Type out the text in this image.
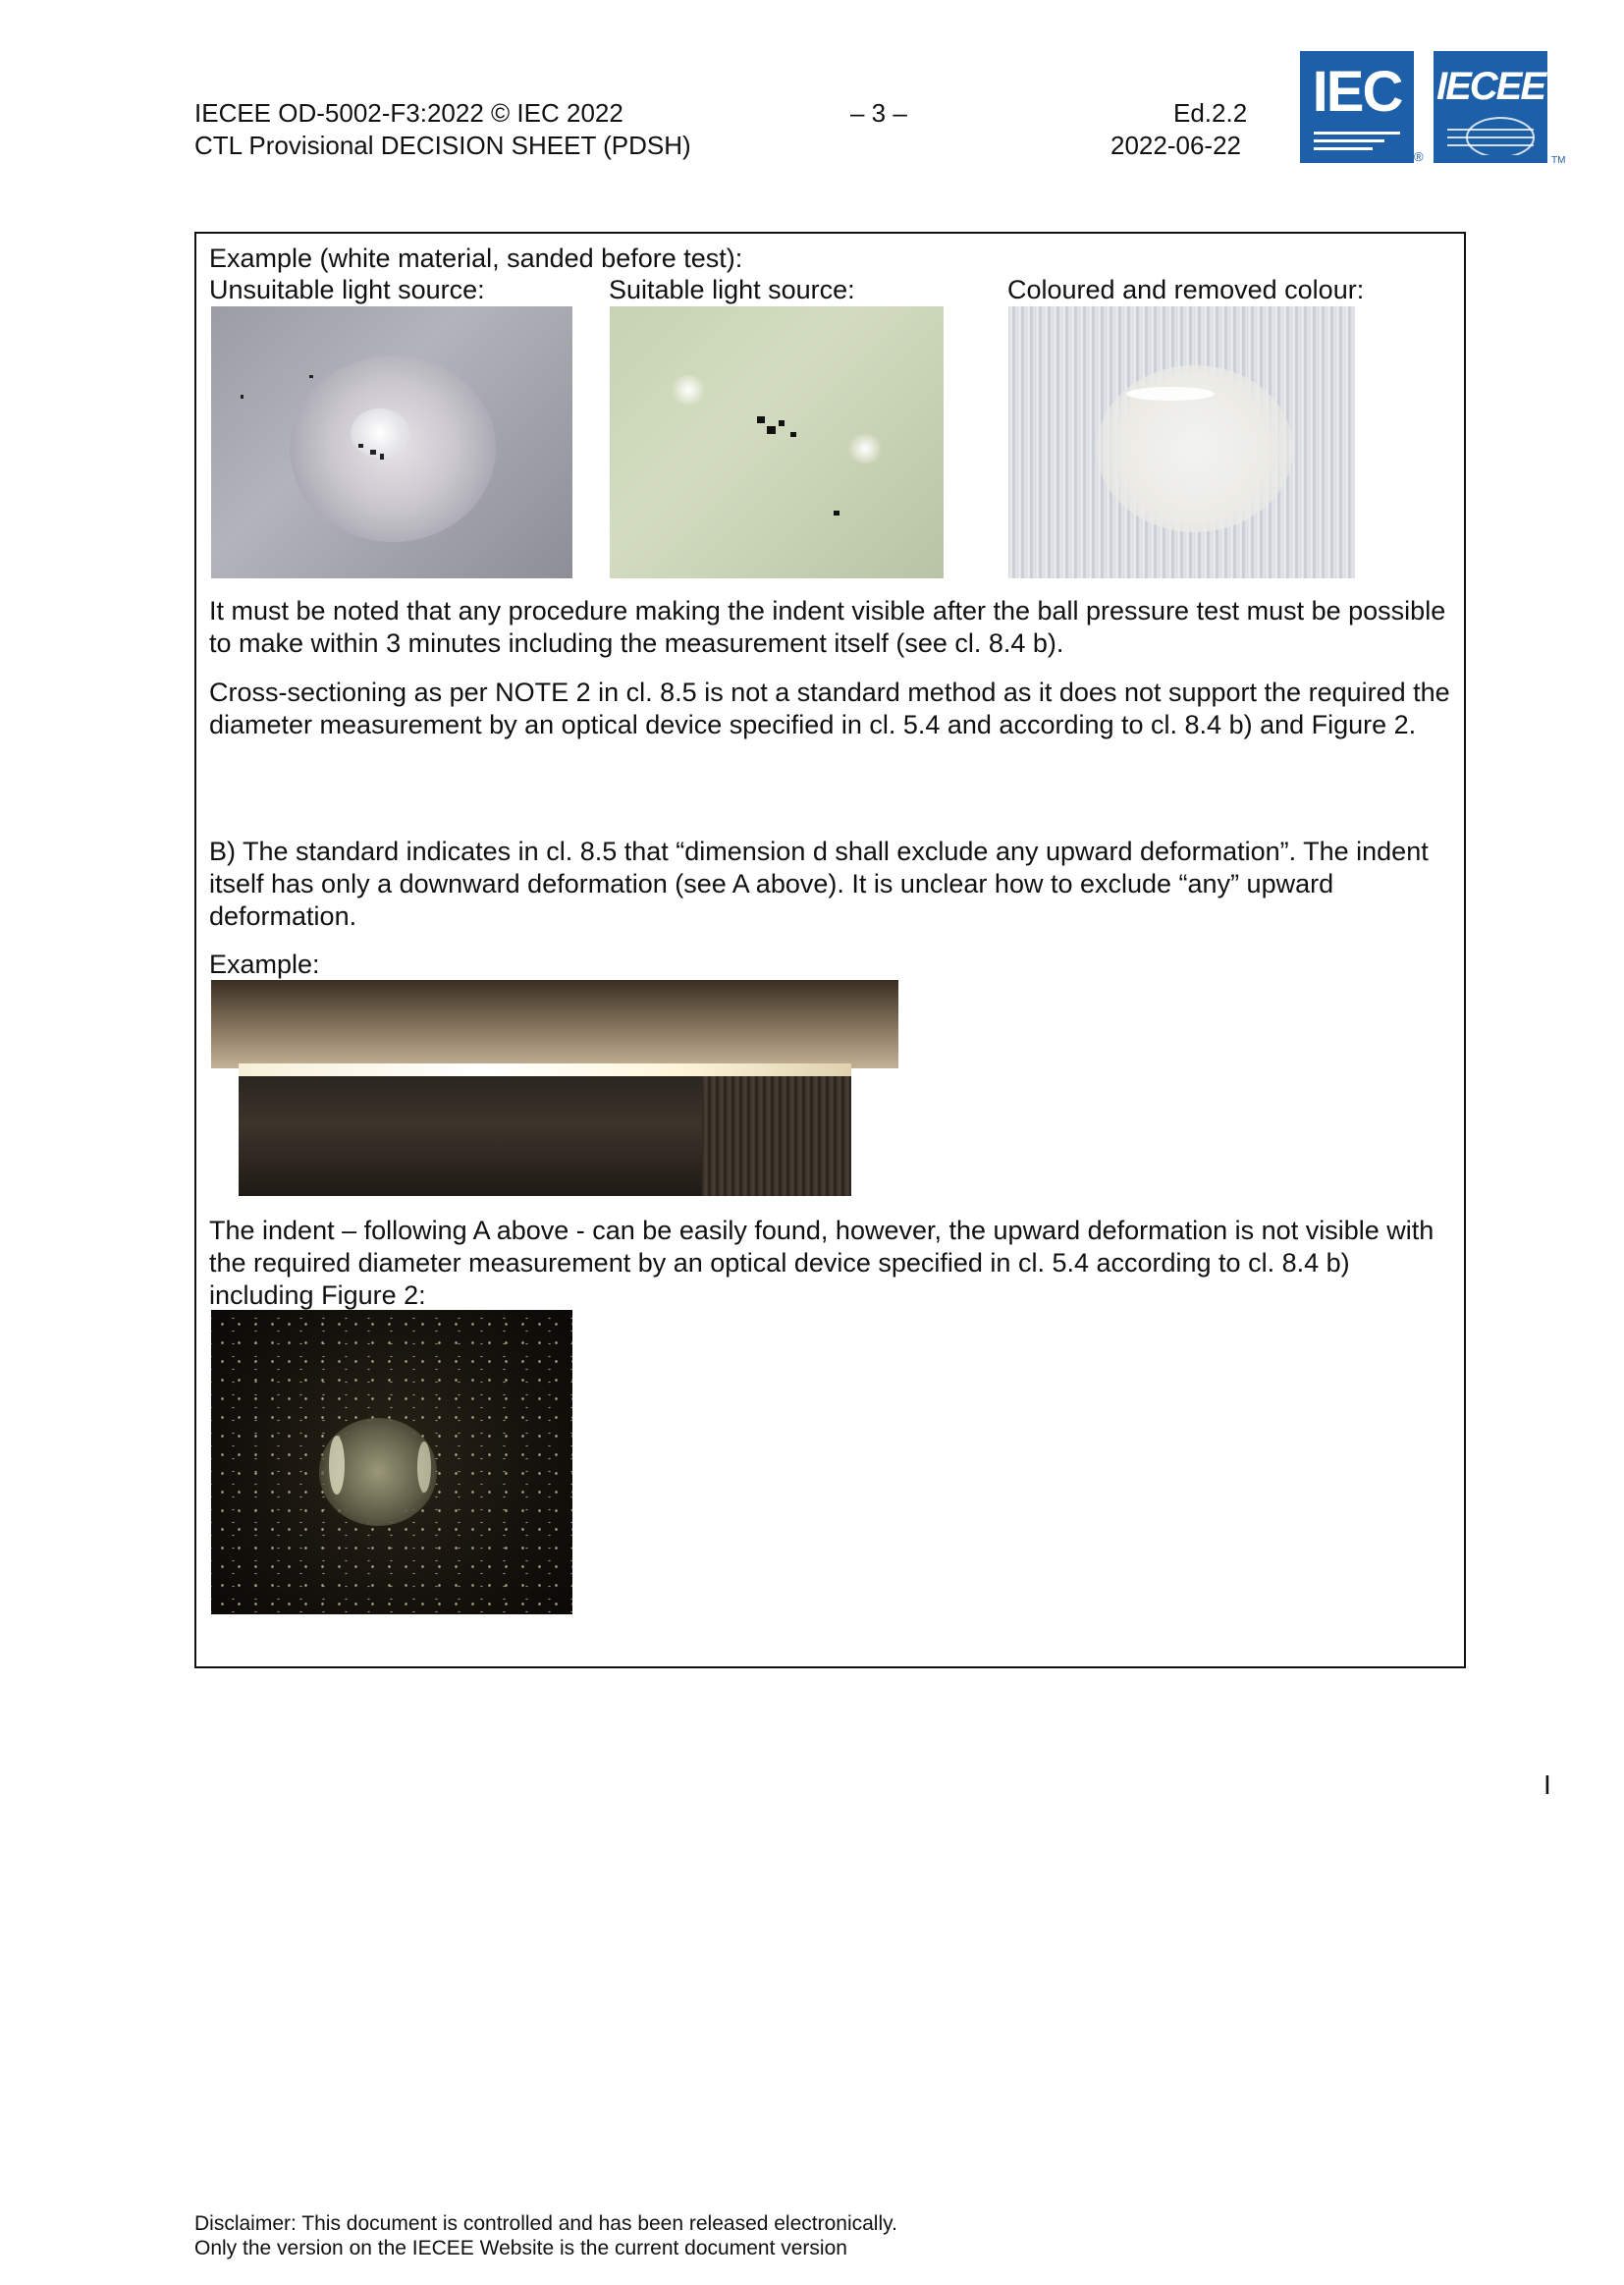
IECEE OD-5002-F3:2022 © IEC 2022
CTL Provisional DECISION SHEET (PDSH)
– 3 –	Ed.2.2
2022-06-22
IEC
®
IECEE
TM
Example (white material, sanded before test):
Unsuitable light source:	Suitable light source:	Coloured and removed colour:
It must be noted that any procedure making the indent visible after the ball pressure test must be possible to make within 3 minutes including the measurement itself (see cl. 8.4 b).
Cross-sectioning as per NOTE 2 in cl. 8.5 is not a standard method as it does not support the required the diameter measurement by an optical device specified in cl. 5.4 and according to cl. 8.4 b) and Figure 2.
B) The standard indicates in cl. 8.5 that “dimension d shall exclude any upward deformation”. The indent itself has only a downward deformation (see A above). It is unclear how to exclude “any” upward deformation.
Example:
The indent – following A above - can be easily found, however, the upward deformation is not visible with the required diameter measurement by an optical device specified in cl. 5.4 according to cl. 8.4 b) including Figure 2:
I
Disclaimer: This document is controlled and has been released electronically.
Only the version on the IECEE Website is the current document version
